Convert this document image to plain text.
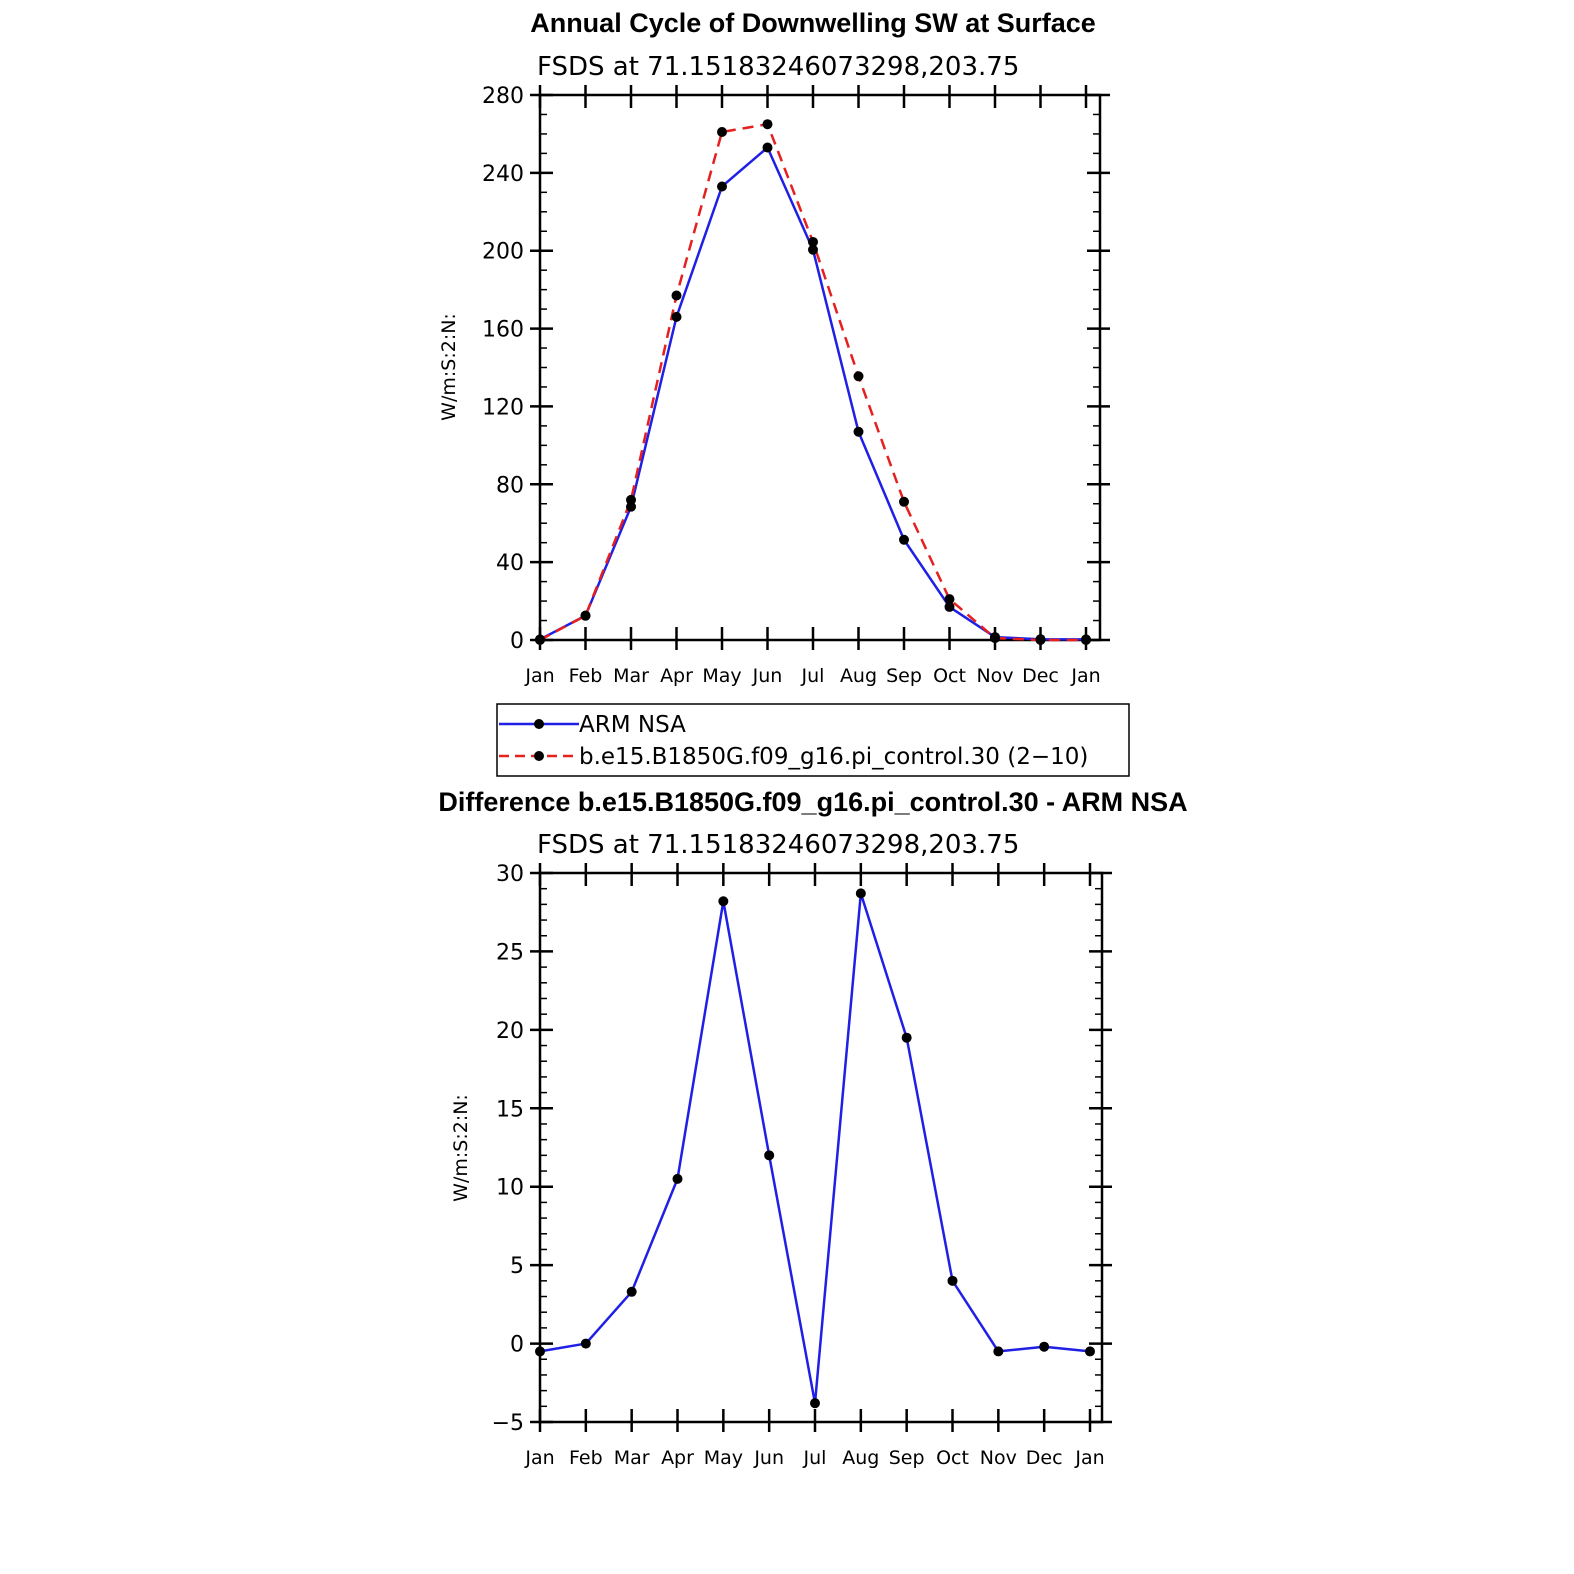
Annual Cycle of Downwelling SW at Surface
FSDS at 71.15183246073298,203.75
W/m:S:2:N:
0
40
80
120
160
200
240
280
Jan Feb Mar Apr May Jun Jul Aug Sep Oct Nov Dec Jan
ARM NSA
b.e15.B1850G.f09_g16.pi_control.30 (2−10)
Difference b.e15.B1850G.f09_g16.pi_control.30 - ARM NSA
FSDS at 71.15183246073298,203.75
W/m:S:2:N:
−5
0
5
10
15
20
25
30
Jan Feb Mar Apr May Jun Jul Aug Sep Oct Nov Dec Jan
